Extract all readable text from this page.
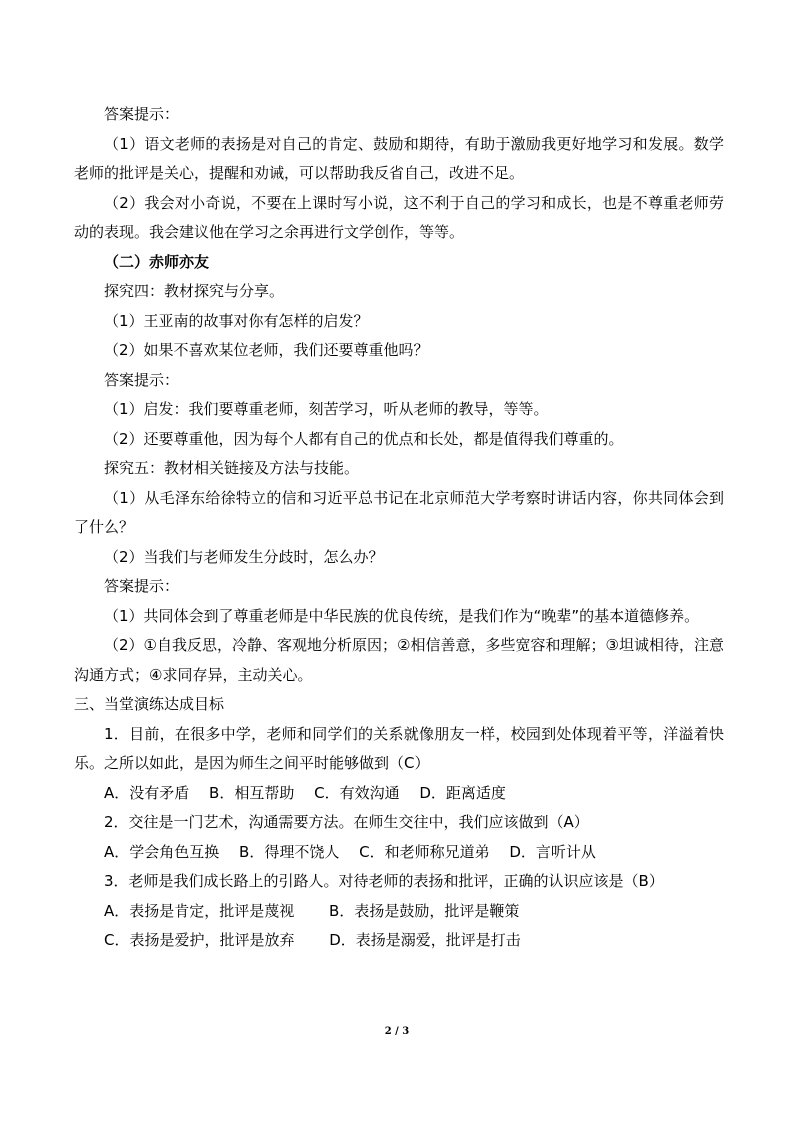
答案提示：

（1）语文老师的表扬是对自己的肯定、鼓励和期待，有助于激励我更好地学习和发展。数学老师的批评是关心，提醒和劝诫，可以帮助我反省自己，改进不足。

（2）我会对小奇说，不要在上课时写小说，这不利于自己的学习和成长，也是不尊重老师劳动的表现。我会建议他在学习之余再进行文学创作，等等。

（二）赤师亦友

探究四：教材探究与分享。

（1）王亚南的故事对你有怎样的启发？

（2）如果不喜欢某位老师，我们还要尊重他吗？

答案提示：

（1）启发：我们要尊重老师，刻苦学习，听从老师的教导，等等。

（2）还要尊重他，因为每个人都有自己的优点和长处，都是值得我们尊重的。

探究五：教材相关链接及方法与技能。

（1）从毛泽东给徐特立的信和习近平总书记在北京师范大学考察时讲话内容，你共同体会到了什么？

（2）当我们与老师发生分歧时，怎么办？

答案提示：

（1）共同体会到了尊重老师是中华民族的优良传统，是我们作为“晚辈”的基本道德修养。

（2）①自我反思，冷静、客观地分析原因；②相信善意，多些宽容和理解；③坦诚相待，注意沟通方式；④求同存异，主动关心。

三、当堂演练达成目标

1．目前，在很多中学，老师和同学们的关系就像朋友一样，校园到处体现着平等，洋溢着快乐。之所以如此，是因为师生之间平时能够做到（C）

A．没有矛盾　 B．相互帮助　 C．有效沟通　 D．距离适度

2．交往是一门艺术，沟通需要方法。在师生交往中，我们应该做到（A）

A．学会角色互换　 B．得理不饶人　 C．和老师称兄道弟　 D．言听计从

3．老师是我们成长路上的引路人。对待老师的表扬和批评，正确的认识应该是（B）

A．表扬是肯定，批评是蔑视　　 B．表扬是鼓励，批评是鞭策

C．表扬是爱护，批评是放弃　　 D．表扬是溺爱，批评是打击

2 / 3
